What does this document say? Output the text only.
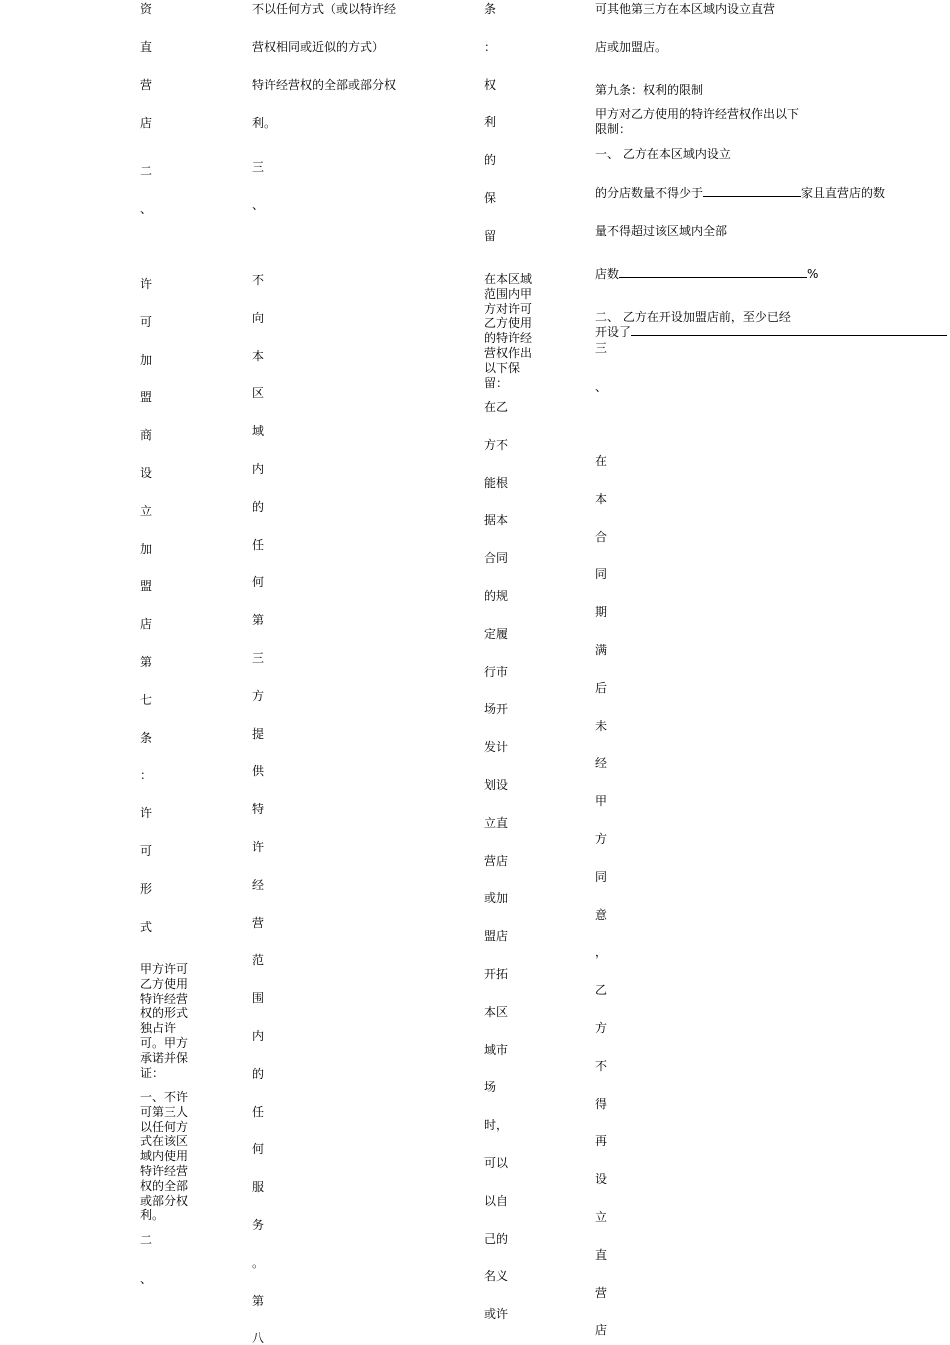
资
直
营
店
二
、
许
可
加
盟
商
设
立
加
盟
店
第
七
条
：
许
可
形
式
甲方许可乙方使用特许经营权的形式独占许可。甲方承诺并保证：
一、不许可第三人以任何方式在该区域内使用特许经营权的全部或部分权利。
二
、
不以任何方式（或以特许经
营权相同或近似的方式）
特许经营权的全部或部分权
利。
三
、
不
向
本
区
域
内
的
任
何
第
三
方
提
供
特
许
经
营
范
围
内
的
任
何
服
务
。
第
八
条
：
权
利
的
保
留
在本区域范围内甲方对许可乙方使用的特许经营权作出以下保留：
在乙
方不
能根
据本
合同
的规
定履
行市
场开
发计
划设
立直
营店
或加
盟店
开拓
本区
域市
场
时，
可以
以自
己的
名义
或许
可其他第三方在本区域内设立直营
店或加盟店。
第九条：权利的限制
甲方对乙方使用的特许经营权作出以下限制：
一、 乙方在本区域内设立
的分店数量不得少于	家且直营店的数
量不得超过该区域内全部
店数	%
二、 乙方在开设加盟店前，至少已经
开设了
三
、
在
本
合
同
期
满
后
未
经
甲
方
同
意
，
乙
方
不
得
再
设
立
直
营
店
